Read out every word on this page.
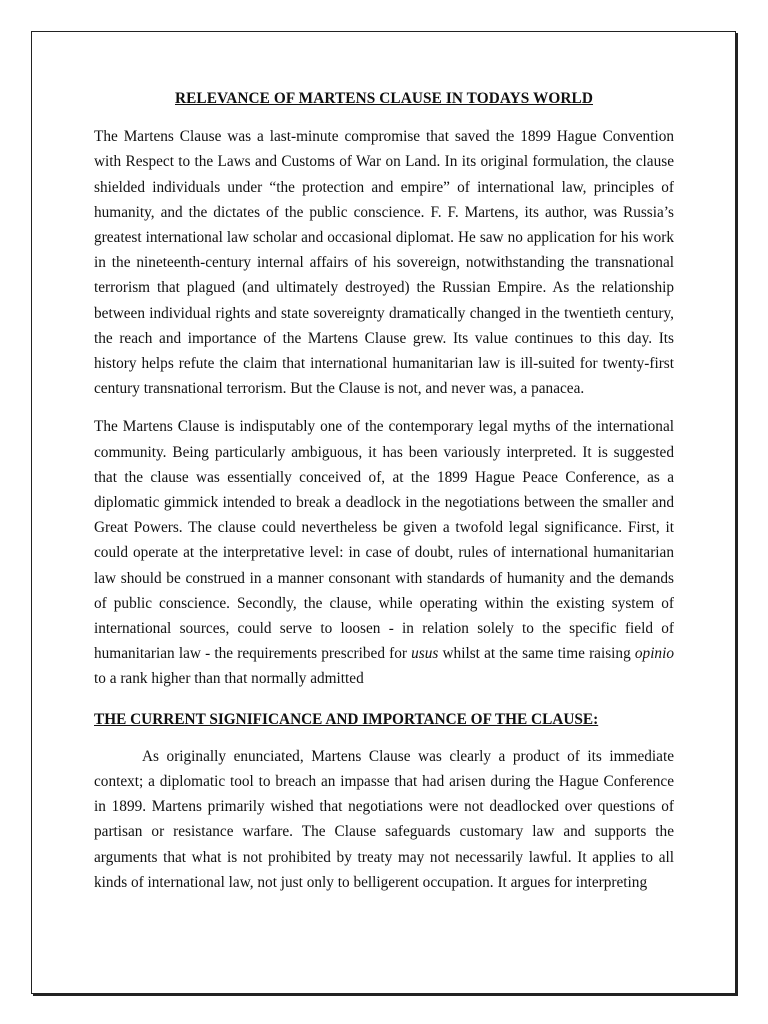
RELEVANCE OF MARTENS CLAUSE IN TODAYS WORLD

The Martens Clause was a last-minute compromise that saved the 1899 Hague Convention with Respect to the Laws and Customs of War on Land. In its original formulation, the clause shielded individuals under “the protection and empire” of international law, principles of humanity, and the dictates of the public conscience. F. F. Martens, its author, was Russia’s greatest international law scholar and occasional diplomat. He saw no application for his work in the nineteenth-century internal affairs of his sovereign, notwithstanding the transnational terrorism that plagued (and ultimately destroyed) the Russian Empire. As the relationship between individual rights and state sovereignty dramatically changed in the twentieth century, the reach and importance of the Martens Clause grew. Its value continues to this day. Its history helps refute the claim that international humanitarian law is ill-suited for twenty-first century transnational terrorism. But the Clause is not, and never was, a panacea.

The Martens Clause is indisputably one of the contemporary legal myths of the international community. Being particularly ambiguous, it has been variously interpreted. It is suggested that the clause was essentially conceived of, at the 1899 Hague Peace Conference, as a diplomatic gimmick intended to break a deadlock in the negotiations between the smaller and Great Powers. The clause could nevertheless be given a twofold legal significance. First, it could operate at the interpretative level: in case of doubt, rules of international humanitarian law should be construed in a manner consonant with standards of humanity and the demands of public conscience. Secondly, the clause, while operating within the existing system of international sources, could serve to loosen - in relation solely to the specific field of humanitarian law - the requirements prescribed for usus whilst at the same time raising opinio to a rank higher than that normally admitted

THE CURRENT SIGNIFICANCE AND IMPORTANCE OF THE CLAUSE:

As originally enunciated, Martens Clause was clearly a product of its immediate context; a diplomatic tool to breach an impasse that had arisen during the Hague Conference in 1899. Martens primarily wished that negotiations were not deadlocked over questions of partisan or resistance warfare. The Clause safeguards customary law and supports the arguments that what is not prohibited by treaty may not necessarily lawful. It applies to all kinds of international law, not just only to belligerent occupation. It argues for interpreting
